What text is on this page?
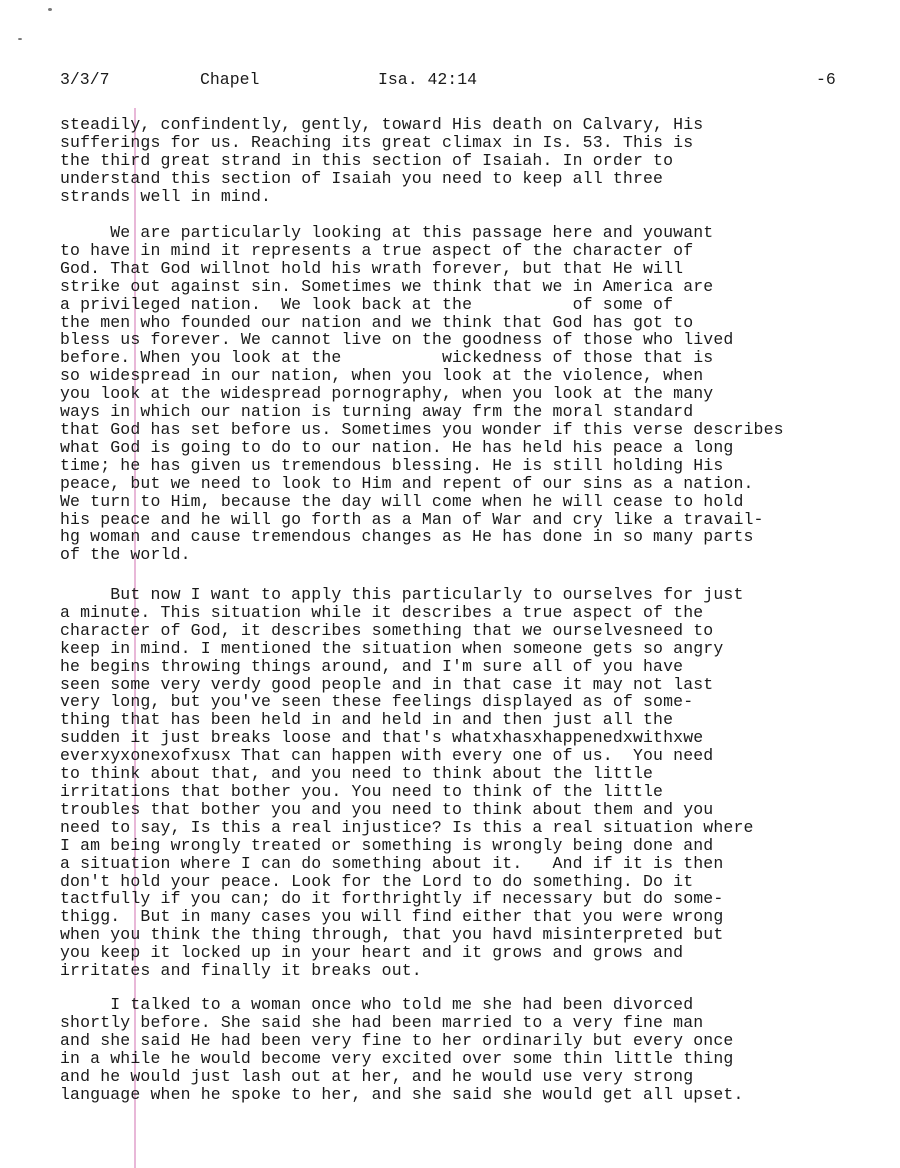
3/3/7	Chapel	Isa. 42:14	-6

steadily, confindently, gently, toward His death on Calvary, His
sufferings for us. Reaching its great climax in Is. 53. This is
the third great strand in this section of Isaiah. In order to
understand this section of Isaiah you need to keep all three
strands well in mind.

We are particularly looking at this passage here and youwant
to have in mind it represents a true aspect of the character of
God. That God willnot hold his wrath forever, but that He will
strike out against sin. Sometimes we think that we in America are
a privileged nation.  We look back at the          of some of
the men who founded our nation and we think that God has got to
bless us forever. We cannot live on the goodness of those who lived
before. When you look at the          wickedness of those that is
so widespread in our nation, when you look at the violence, when
you look at the widespread pornography, when you look at the many
ways in which our nation is turning away frm the moral standard
that God has set before us. Sometimes you wonder if this verse describes
what God is going to do to our nation. He has held his peace a long
time; he has given us tremendous blessing. He is still holding His
peace, but we need to look to Him and repent of our sins as a nation.
We turn to Him, because the day will come when he will cease to hold
his peace and he will go forth as a Man of War and cry like a travail-
hg woman and cause tremendous changes as He has done in so many parts
of the world.

But now I want to apply this particularly to ourselves for just
a minute. This situation while it describes a true aspect of the
character of God, it describes something that we ourselvesneed to
keep in mind. I mentioned the situation when someone gets so angry
he begins throwing things around, and I'm sure all of you have
seen some very verdy good people and in that case it may not last
very long, but you've seen these feelings displayed as of some-
thing that has been held in and held in and then just all the
sudden it just breaks loose and that's whatxhasxhappenedxwithxwe
everxyxonexofxusx That can happen with every one of us.  You need
to think about that, and you need to think about the little
irritations that bother you. You need to think of the little
troubles that bother you and you need to think about them and you
need to say, Is this a real injustice? Is this a real situation where
I am being wrongly treated or something is wrongly being done and
a situation where I can do something about it.   And if it is then
don't hold your peace. Look for the Lord to do something. Do it
tactfully if you can; do it forthrightly if necessary but do some-
thigg.  But in many cases you will find either that you were wrong
when you think the thing through, that you havd misinterpreted but
you keep it locked up in your heart and it grows and grows and
irritates and finally it breaks out.

I talked to a woman once who told me she had been divorced
shortly before. She said she had been married to a very fine man
and she said He had been very fine to her ordinarily but every once
in a while he would become very excited over some thin little thing
and he would just lash out at her, and he would use very strong
language when he spoke to her, and she said she would get all upset.
